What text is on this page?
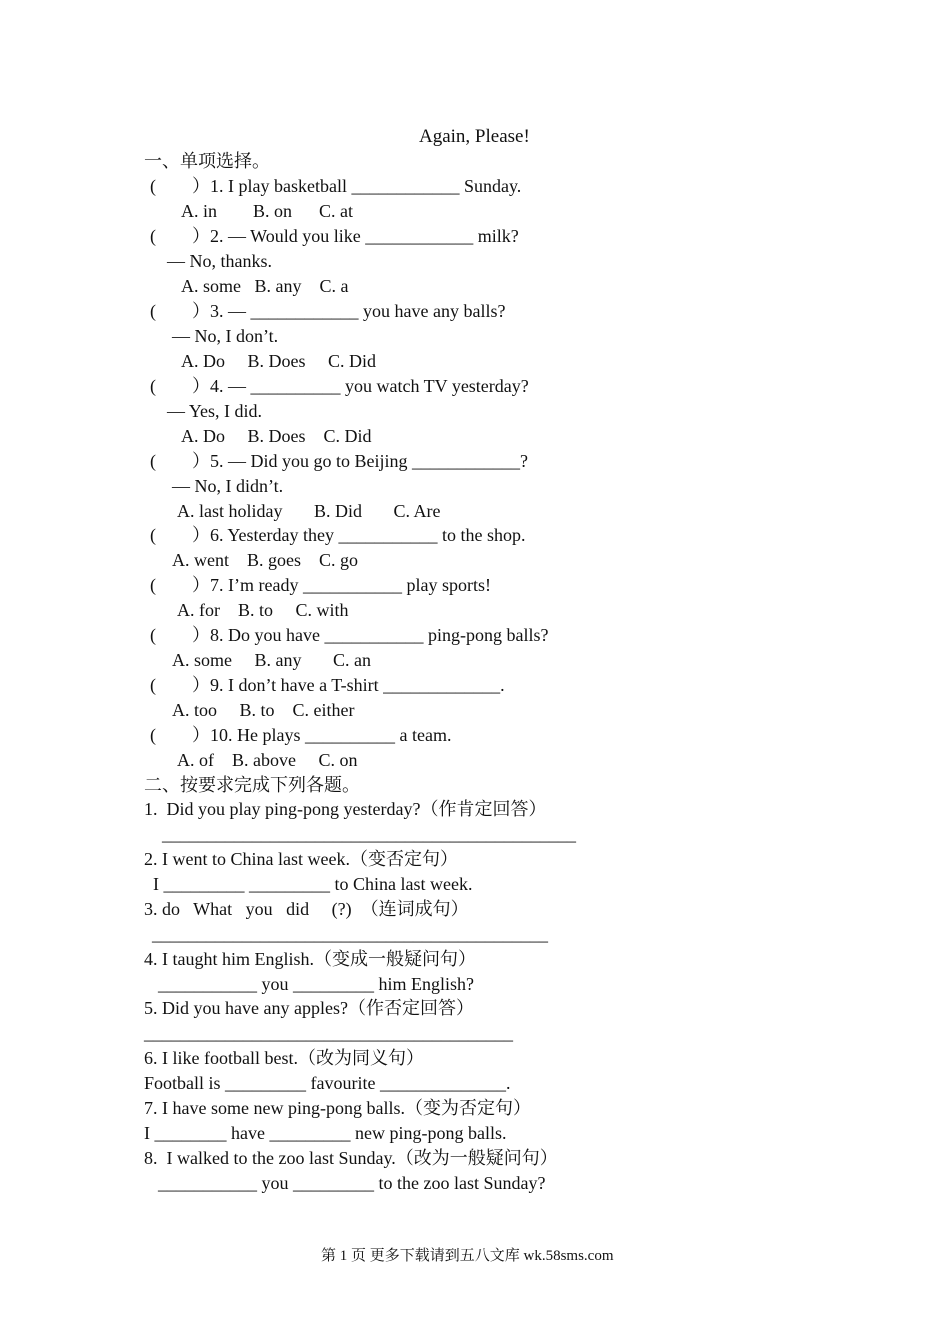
Again, Please!
一、单项选择。
(　　）1. I play basketball ____________ Sunday.
A. in        B. on      C. at
(　　）2. — Would you like ____________ milk?
— No, thanks.
A. some   B. any    C. a
(　　）3. — ____________ you have any balls?
— No, I don’t.
A. Do     B. Does     C. Did
(　　）4. — __________ you watch TV yesterday?
— Yes, I did.
A. Do     B. Does    C. Did
(　　）5. — Did you go to Beijing ____________?
— No, I didn’t.
A. last holiday       B. Did       C. Are
(　　）6. Yesterday they ___________ to the shop.
A. went    B. goes    C. go
(　　）7. I’m ready ___________ play sports!
A. for    B. to     C. with
(　　）8. Do you have ___________ ping-pong balls?
A. some     B. any       C. an
(　　）9. I don’t have a T-shirt _____________.
A. too     B. to    C. either
(　　）10. He plays __________ a team.
A. of    B. above     C. on
二、按要求完成下列各题。
1.  Did you play ping-pong yesterday?（作肯定回答）
______________________________________________
2. I went to China last week.（变否定句）
I _________ _________ to China last week.
3. do   What   you   did     (?)  （连词成句）
____________________________________________
4. I taught him English.（变成一般疑问句）
___________ you _________ him English?
5. Did you have any apples?（作否定回答）
_________________________________________
6. I like football best.（改为同义句）
Football is _________ favourite ______________.
7. I have some new ping-pong balls.（变为否定句）
I ________ have _________ new ping-pong balls.
8.  I walked to the zoo last Sunday.（改为一般疑问句）
___________ you _________ to the zoo last Sunday?
第 1 页 更多下载请到五八文库 wk.58sms.com
